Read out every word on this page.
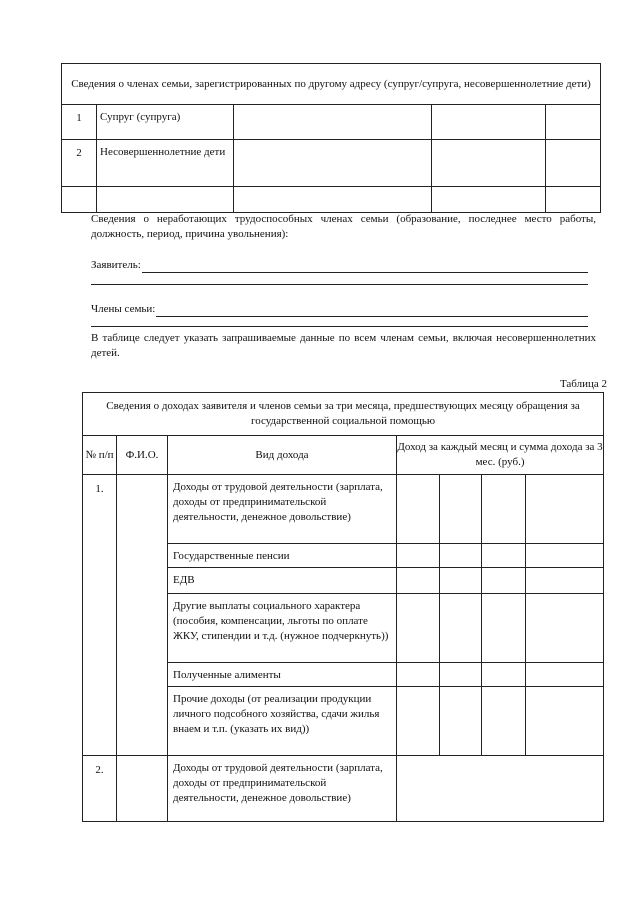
Сведения о членах семьи, зарегистрированных по другому адресу (супруг/супруга, несовершеннолетние дети)				
1	Супруг (супруга)			
2	Несовершеннолетние дети			

Сведения о неработающих трудоспособных членах семьи (образование, последнее место работы, должность, период, причина увольнения):
Заявитель:
Члены семьи:
В таблице следует указать запрашиваемые данные по всем членам семьи, включая несовершеннолетних детей.
Таблица 2
Сведения о доходах заявителя и членов семьи за три месяца, предшествующих месяцу обращения за государственной социальной помощью						
№ п/п	Ф.И.О.	Вид дохода	Доход за каждый месяц и сумма дохода за 3 мес. (руб.)			
1.		Доходы от трудовой деятельности (зарплата, доходы от предпринимательской деятельности, денежное довольствие)				
		Государственные пенсии				
		ЕДВ				
		Другие выплаты социального характера (пособия, компенсации, льготы по оплате ЖКУ, стипендии и т.д. (нужное подчеркнуть))				
		Полученные алименты				
		Прочие доходы (от реализации продукции личного подсобного хозяйства, сдачи жилья внаем и т.п. (указать их вид))				
2.		Доходы от трудовой деятельности (зарплата, доходы от предпринимательской деятельности, денежное довольствие)				
